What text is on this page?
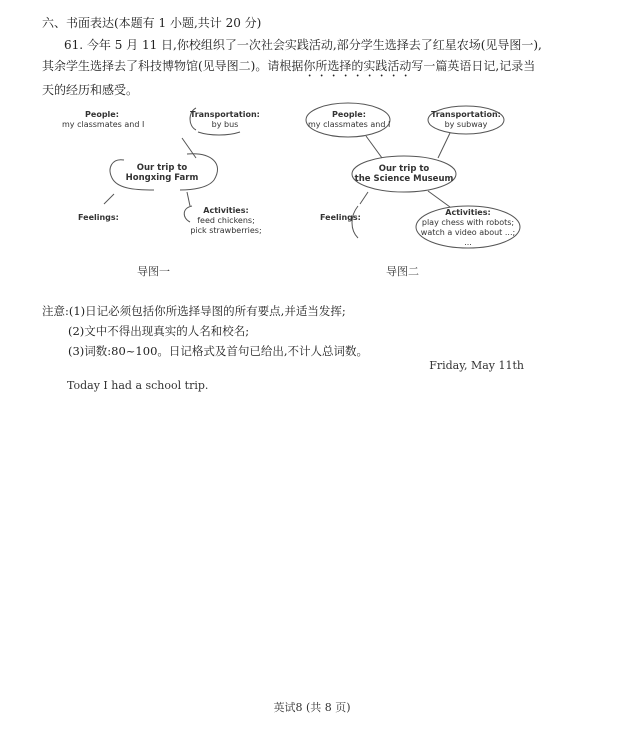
六、书面表达(本题有 1 小题,共计 20 分)

61. 今年 5 月 11 日,你校组织了一次社会实践活动,部分学生选择去了红星农场(见导图一),

其余学生选择去了科技博物馆(见导图二)。请根据你所选择的实践活动写一篇英语日记,记录当

天的经历和感受。

People:
my classmates and I
Transportation:
by bus
Our trip to
Hongxing Farm
Feelings:
Activities:
feed chickens;
pick strawberries;
导图一
People:
my classmates and I
Transportation:
by subway
Our trip to
the Science Museum
Feelings:
Activities:
play chess with robots;
watch a video about ...;
...
导图二
注意:(1)日记必须包括你所选择导图的所有要点,并适当发挥;
(2)文中不得出现真实的人名和校名;
(3)词数:80~100。日记格式及首句已给出,不计人总词数。
Friday, May 11th
Today I had a school trip.
英试8 (共 8 页)
